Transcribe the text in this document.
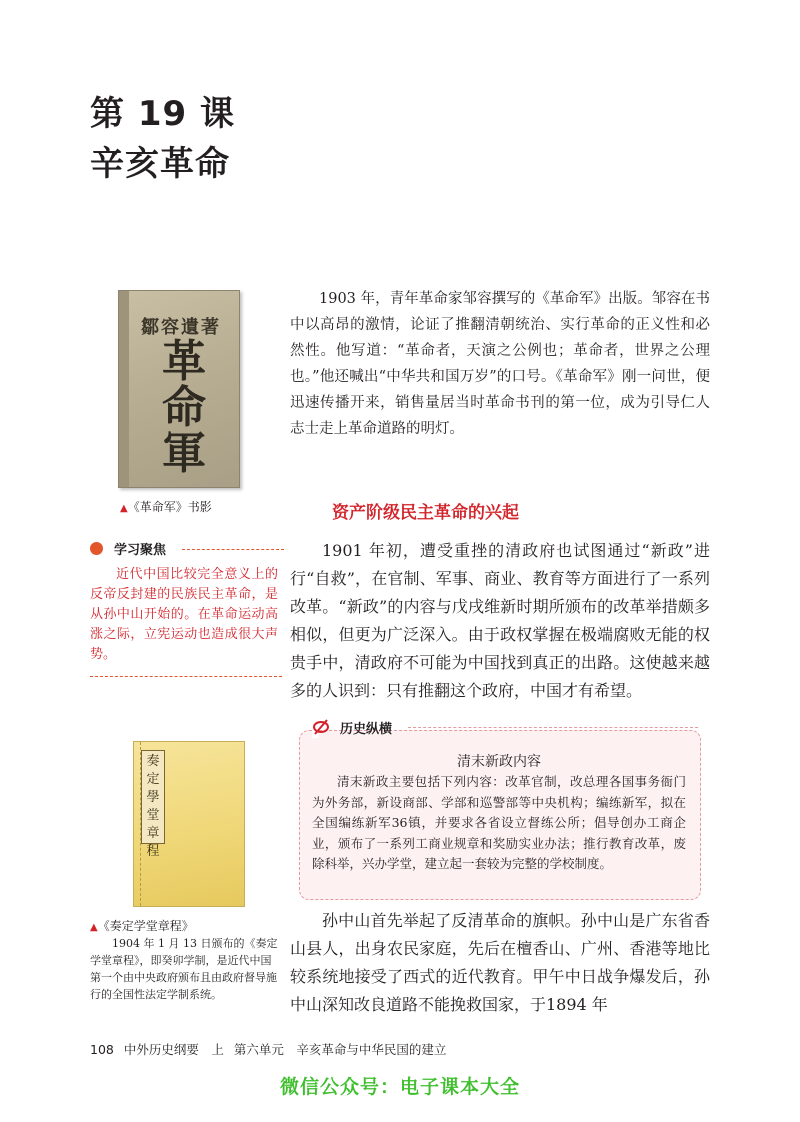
第 19 课
辛亥革命
鄒容遺著
革命軍
▲《革命军》书影
1903 年，青年革命家邹容撰写的《革命军》出版。邹容在书中以高昂的激情，论证了推翻清朝统治、实行革命的正义性和必然性。他写道：“革命者，天演之公例也；革命者，世界之公理也。”他还喊出“中华共和国万岁”的口号。《革命军》刚一问世，便迅速传播开来，销售量居当时革命书刊的第一位，成为引导仁人志士走上革命道路的明灯。
资产阶级民主革命的兴起
学习聚焦
近代中国比较完全意义上的反帝反封建的民族民主革命，是从孙中山开始的。在革命运动高涨之际，立宪运动也造成很大声势。
1901 年初，遭受重挫的清政府也试图通过“新政”进行“自救”，在官制、军事、商业、教育等方面进行了一系列改革。“新政”的内容与戊戌维新时期所颁布的改革举措颇多相似，但更为广泛深入。由于政权掌握在极端腐败无能的权贵手中，清政府不可能为中国找到真正的出路。这使越来越多的人识到：只有推翻这个政府，中国才有希望。
历史纵横
清末新政内容
清末新政主要包括下列内容：改革官制，改总理各国事务衙门为外务部，新设商部、学部和巡警部等中央机构；编练新军，拟在全国编练新军36镇，并要求各省设立督练公所；倡导创办工商企业，颁布了一系列工商业规章和奖励实业办法；推行教育改革，废除科举，兴办学堂，建立起一套较为完整的学校制度。
奏定學堂章程
▲《奏定学堂章程》
1904 年 1 月 13 日颁布的《奏定学堂章程》，即癸卯学制，是近代中国第一个由中央政府颁布且由政府督导施行的全国性法定学制系统。
孙中山首先举起了反清革命的旗帜。孙中山是广东省香山县人，出身农民家庭，先后在檀香山、广州、香港等地比较系统地接受了西式的近代教育。甲午中日战争爆发后，孙中山深知改良道路不能挽救国家，于1894 年
108 中外历史纲要　上 第六单元　辛亥革命与中华民国的建立
微信公众号：电子课本大全
